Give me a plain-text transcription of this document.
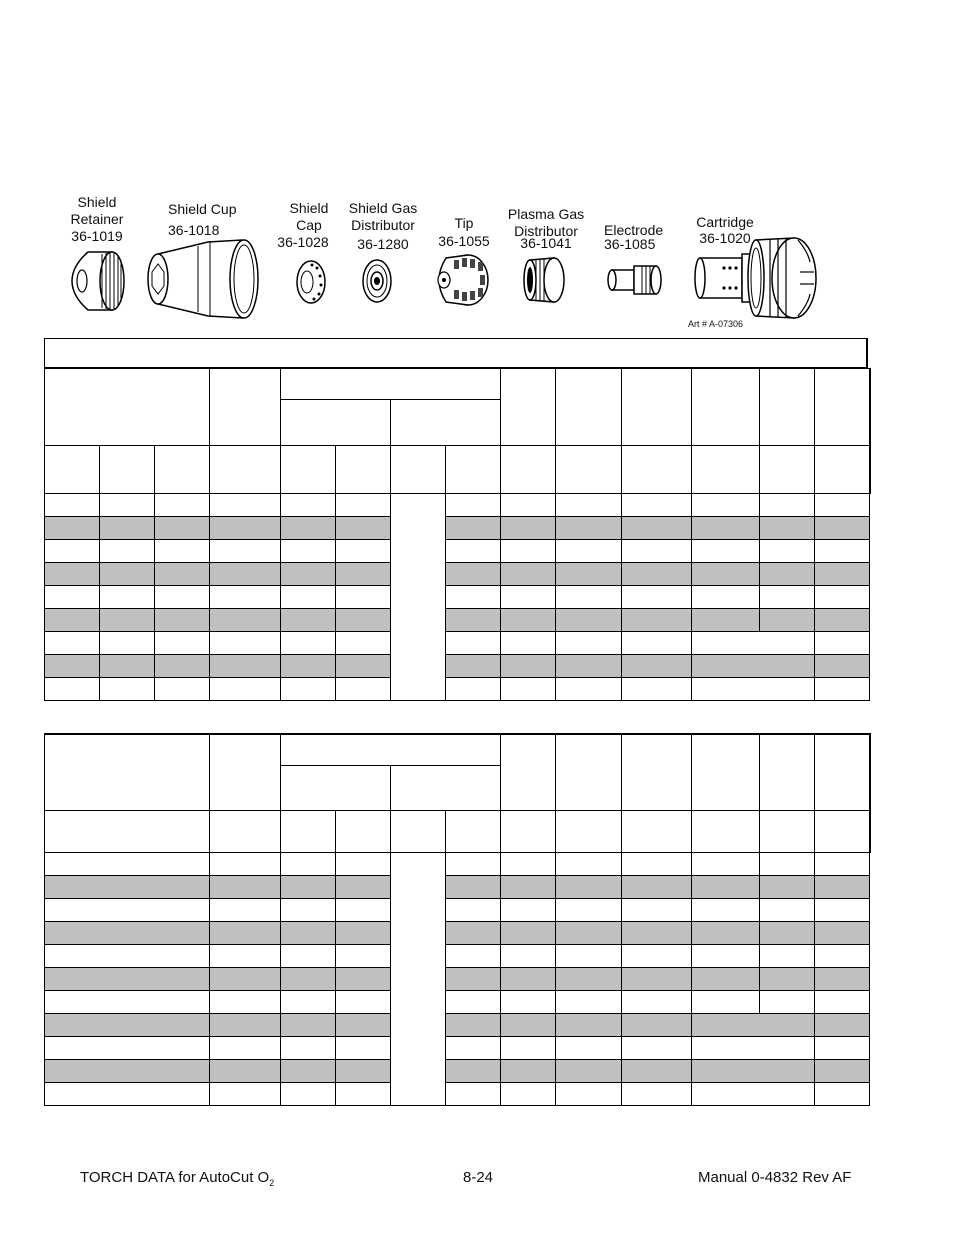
Shield
Retainer
36-1019
Shield Cup
36-1018
Shield
Cap
36-1028
Shield Gas
Distributor
36-1280
Tip
36-1055
Plasma Gas
Distributor
36-1041
Electrode
36-1085
Cartridge
36-1020
Art # A-07306

TORCH DATA for AutoCut $O_2$	8-24	Manual 0-4832 Rev AF
